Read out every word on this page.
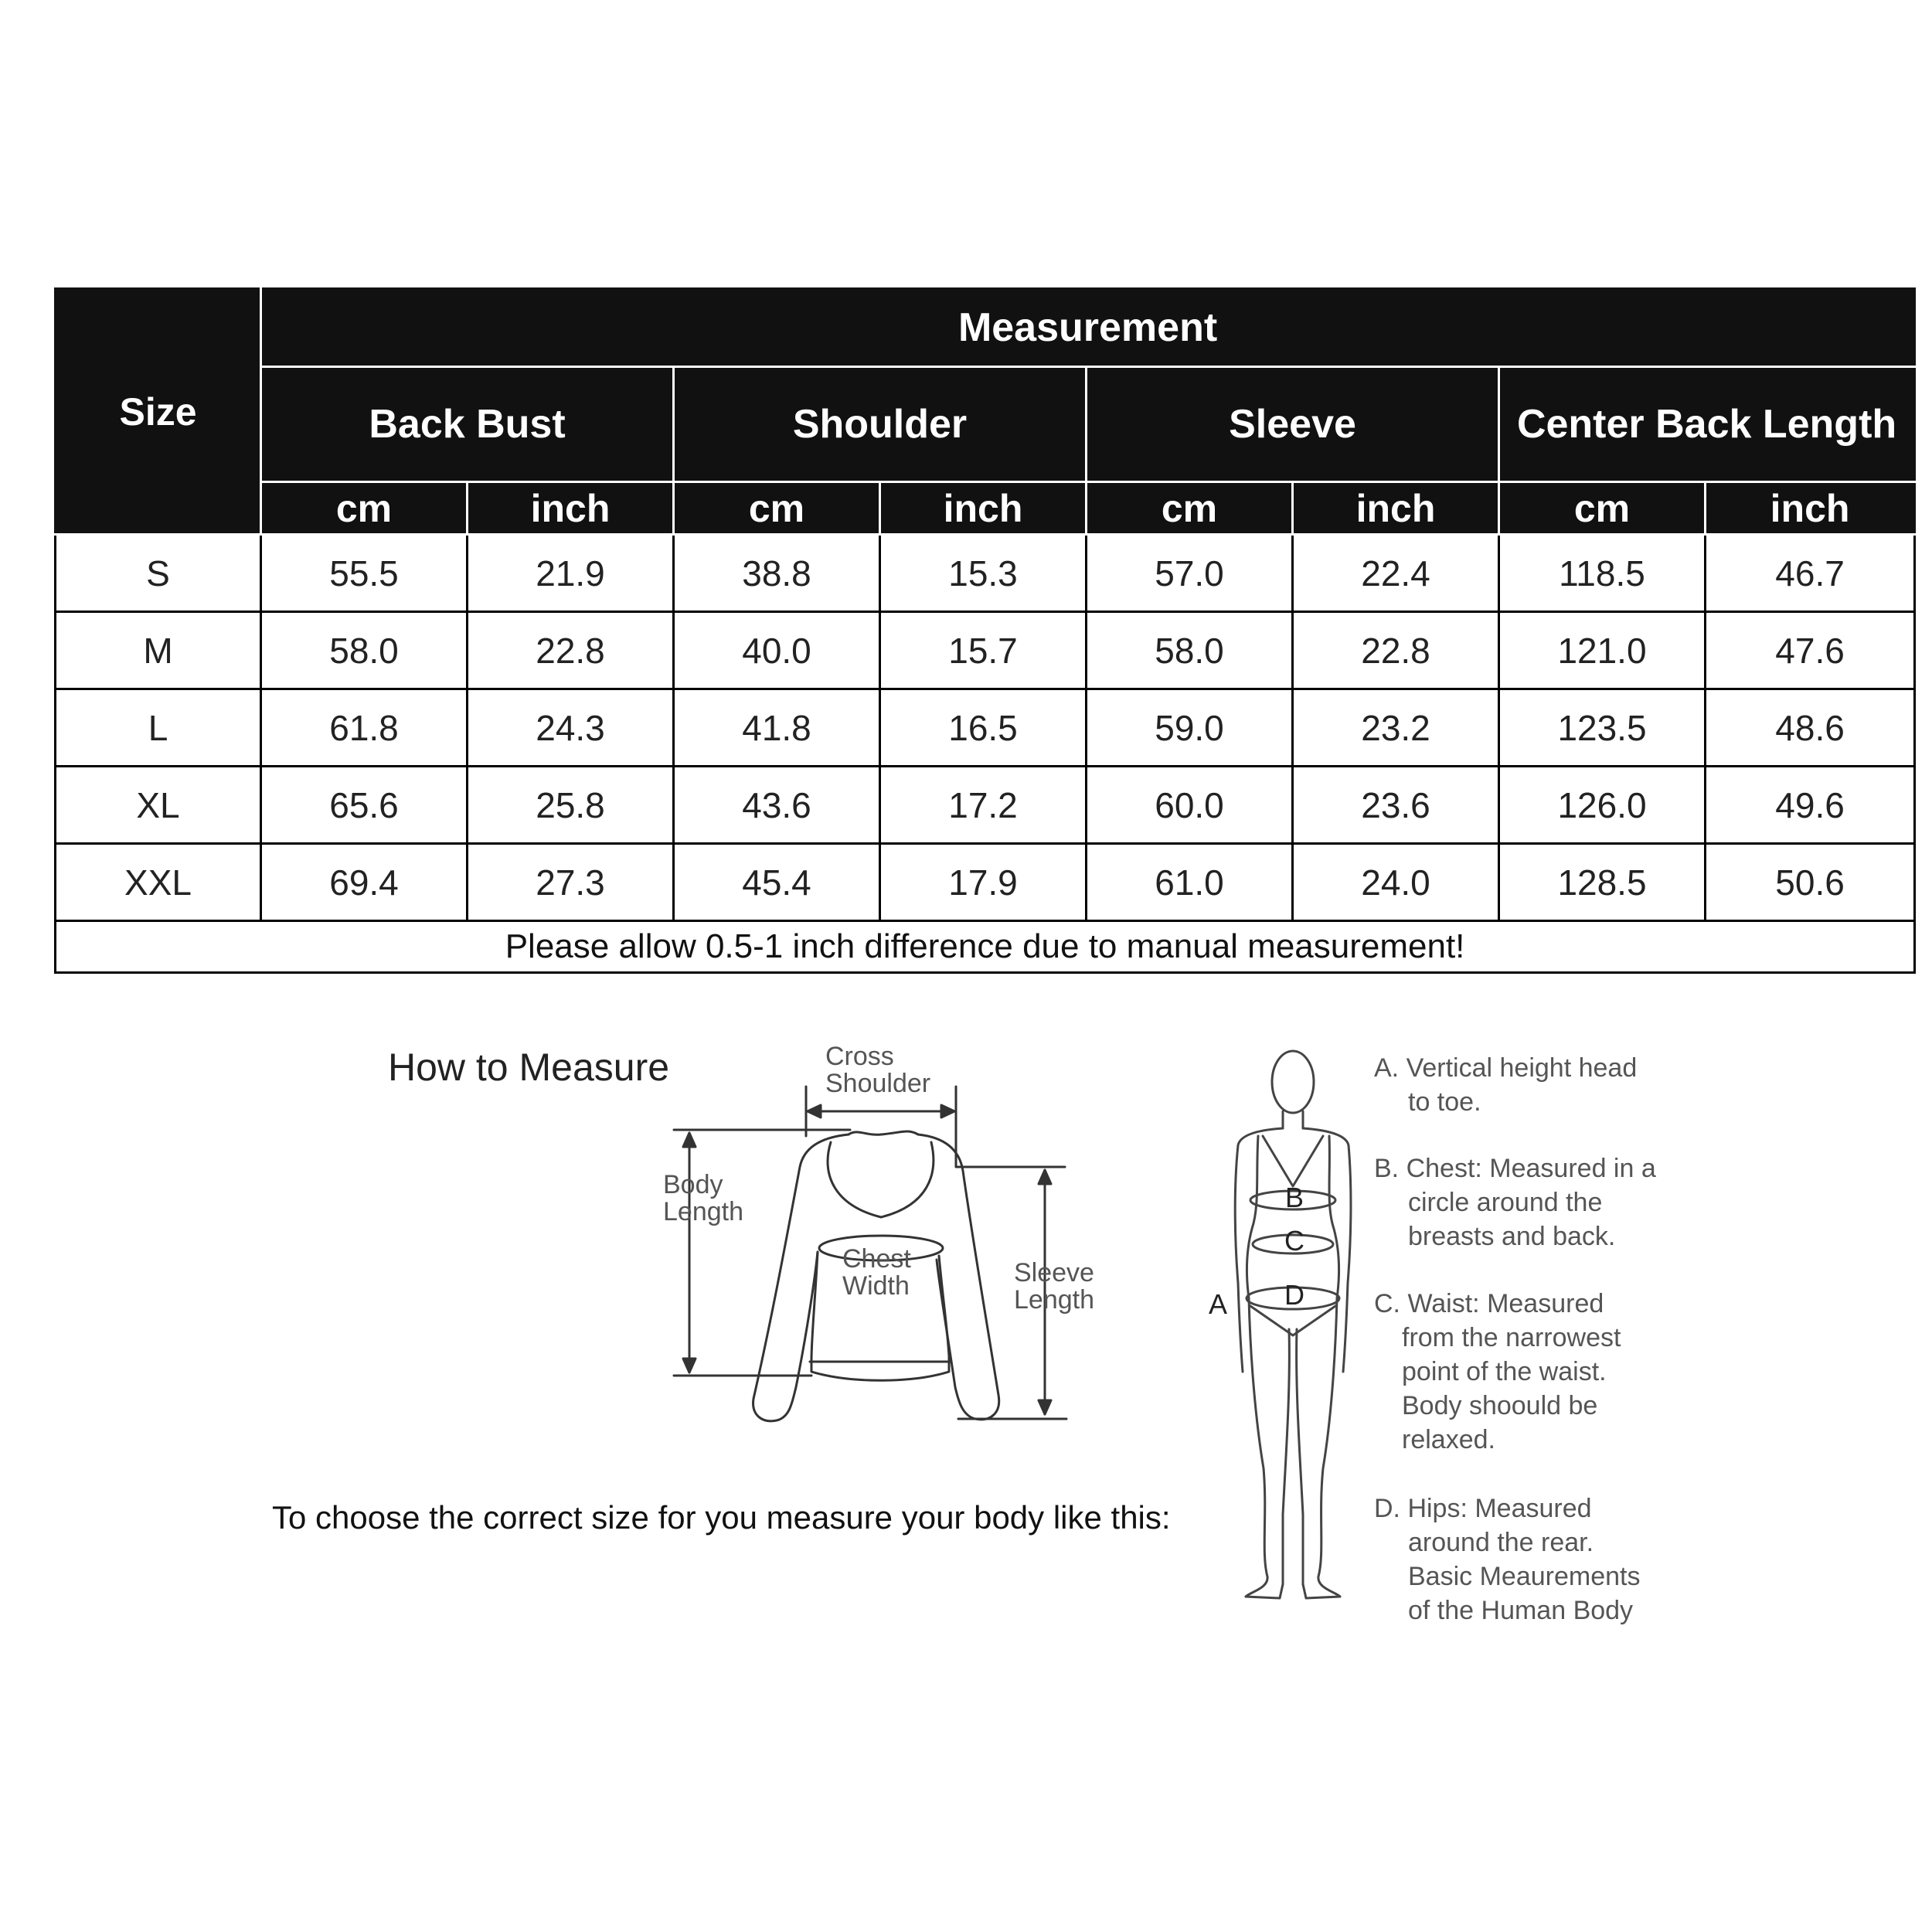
Size	Measurement							
	Back Bust		Shoulder		Sleeve		Center Back Length	
	cm	inch	cm	inch	cm	inch	cm	inch
S	55.5	21.9	38.8	15.3	57.0	22.4	118.5	46.7
M	58.0	22.8	40.0	15.7	58.0	22.8	121.0	47.6
L	61.8	24.3	41.8	16.5	59.0	23.2	123.5	48.6
XL	65.6	25.8	43.6	17.2	60.0	23.6	126.0	49.6
XXL	69.4	27.3	45.4	17.9	61.0	24.0	128.5	50.6
Please allow 0.5-1 inch difference due to manual measurement!								
How to Measure
B
C
D
A
Cross
Shoulder
Body
Length
Chest
Width	Sleeve
Length
To choose the correct size for you measure your body like this:
A. Vertical height head
to toe.
B. Chest: Measured in a
circle around the
breasts and back.
C. Waist: Measured
from the narrowest
point of the waist.
Body shoould be
relaxed.
D. Hips: Measured
around the rear.
Basic Meaurements
of the Human Body
